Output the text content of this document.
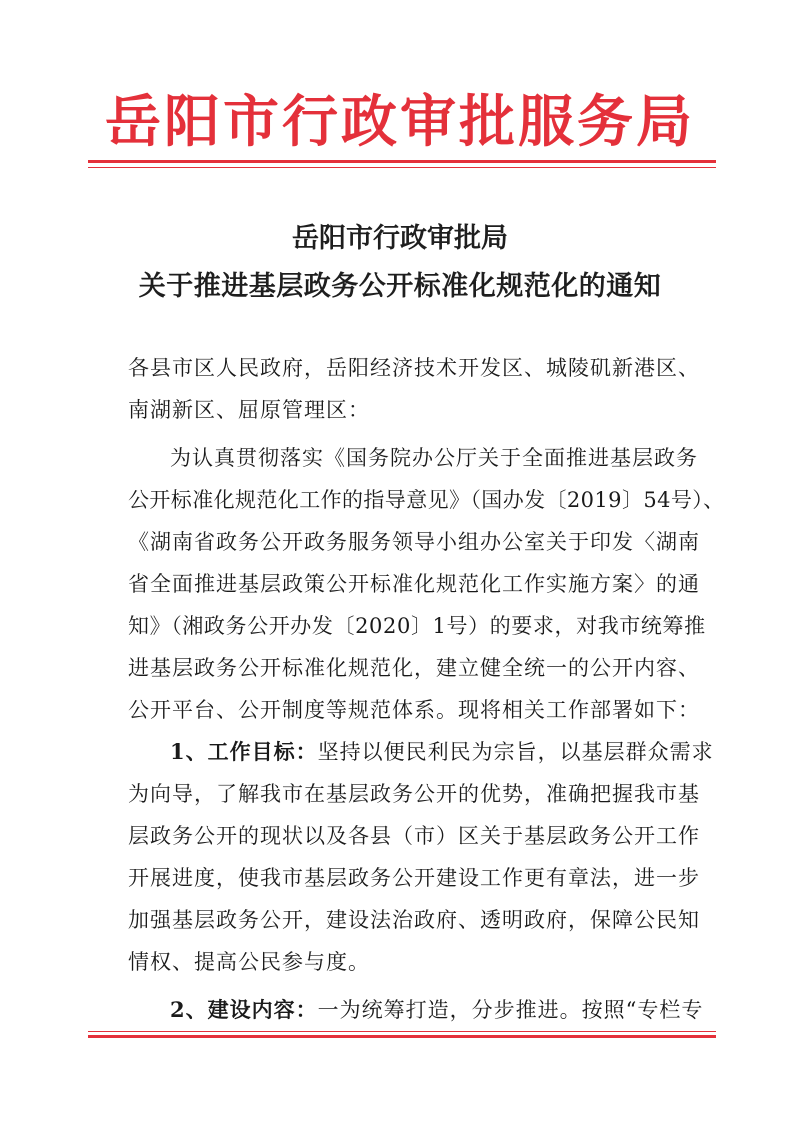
岳阳市行政审批服务局
岳阳市行政审批局
关于推进基层政务公开标准化规范化的通知
各县市区人民政府，岳阳经济技术开发区、城陵矶新港区、
南湖新区、屈原管理区：
为认真贯彻落实《国务院办公厅关于全面推进基层政务
公开标准化规范化工作的指导意见》（国办发〔2019〕54号）、
《湖南省政务公开政务服务领导小组办公室关于印发〈湖南
省全面推进基层政策公开标准化规范化工作实施方案〉的通
知》（湘政务公开办发〔2020〕1号）的要求，对我市统筹推
进基层政务公开标准化规范化，建立健全统一的公开内容、
公开平台、公开制度等规范体系。现将相关工作部署如下：
1、工作目标：坚持以便民利民为宗旨，以基层群众需求
为向导，了解我市在基层政务公开的优势，准确把握我市基
层政务公开的现状以及各县（市）区关于基层政务公开工作
开展进度，使我市基层政务公开建设工作更有章法，进一步
加强基层政务公开，建设法治政府、透明政府，保障公民知
情权、提高公民参与度。
2、建设内容：一为统筹打造，分步推进。按照“专栏专
